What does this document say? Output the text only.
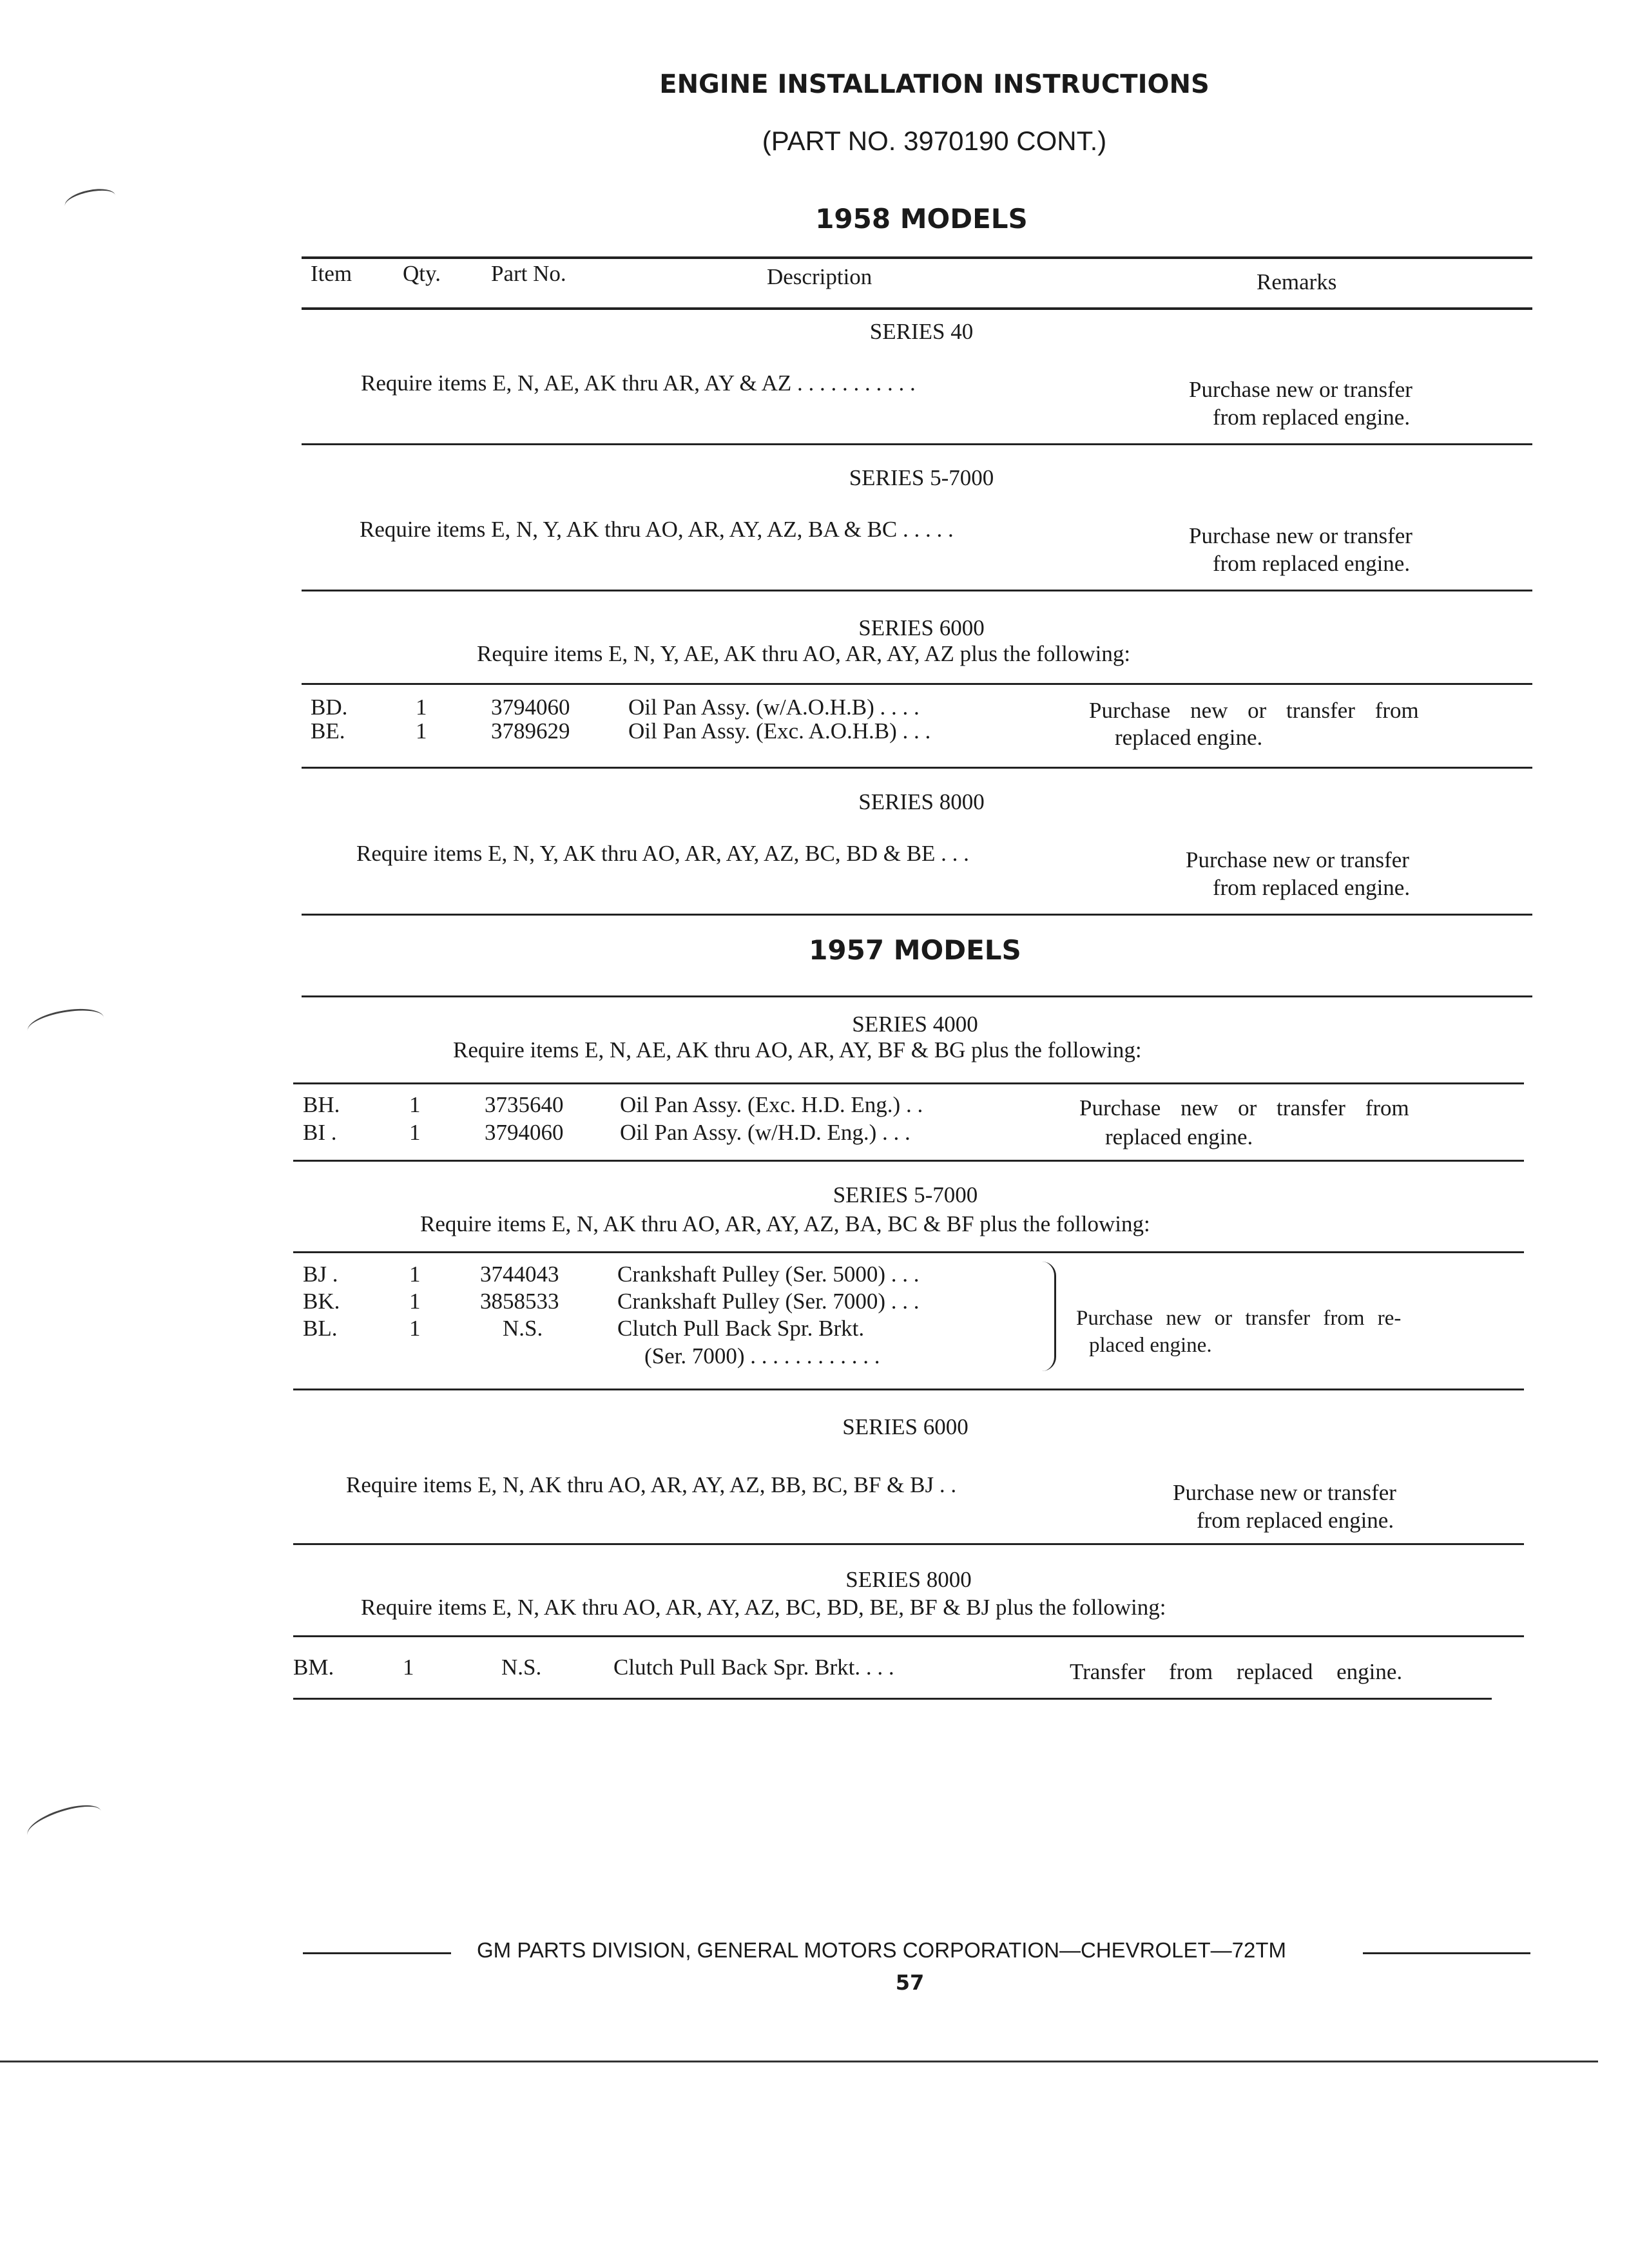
ENGINE INSTALLATION INSTRUCTIONS
(PART NO. 3970190 CONT.)
1958 MODELS
Item Qty. Part No.	Description	Remarks
SERIES 40
Require items E, N, AE, AK thru AR, AY & AZ . . . . . . . . . . .	Purchase new or transfer
from replaced engine.
SERIES 5-7000
Require items E, N, Y, AK thru AO, AR, AY, AZ, BA & BC . . . . .	Purchase new or transfer
from replaced engine.
SERIES 6000
Require items E, N, Y, AE, AK thru AO, AR, AY, AZ plus the following:
BD.	1	3794060	Oil Pan Assy. (w/A.O.H.B) . . . .
BE.	1	3789629	Oil Pan Assy. (Exc. A.O.H.B) . . .
Purchase new or transfer from
replaced engine.
SERIES 8000
Require items E, N, Y, AK thru AO, AR, AY, AZ, BC, BD & BE . . .	Purchase new or transfer
from replaced engine.
1957 MODELS
SERIES 4000
Require items E, N, AE, AK thru AO, AR, AY, BF & BG plus the following:
BH.	1	3735640	Oil Pan Assy. (Exc. H.D. Eng.) . .
BI .	1	3794060	Oil Pan Assy. (w/H.D. Eng.) . . .
Purchase new or transfer from
replaced engine.
SERIES 5-7000
Require items E, N, AK thru AO, AR, AY, AZ, BA, BC & BF plus the following:
BJ .	1	3744043	Crankshaft Pulley (Ser. 5000) . . .
BK.	1	3858533	Crankshaft Pulley (Ser. 7000) . . .
BL.	1	N.S.	Clutch Pull Back Spr. Brkt.
(Ser. 7000) . . . . . . . . . . . .
Purchase new or transfer from re-
placed engine.
SERIES 6000
Require items E, N, AK thru AO, AR, AY, AZ, BB, BC, BF & BJ . .	Purchase new or transfer
from replaced engine.
SERIES 8000
Require items E, N, AK thru AO, AR, AY, AZ, BC, BD, BE, BF & BJ plus the following:
BM.	1	N.S.	Clutch Pull Back Spr. Brkt. . . .	Transfer from replaced engine.
GM PARTS DIVISION, GENERAL MOTORS CORPORATION—CHEVROLET—72TM
57
